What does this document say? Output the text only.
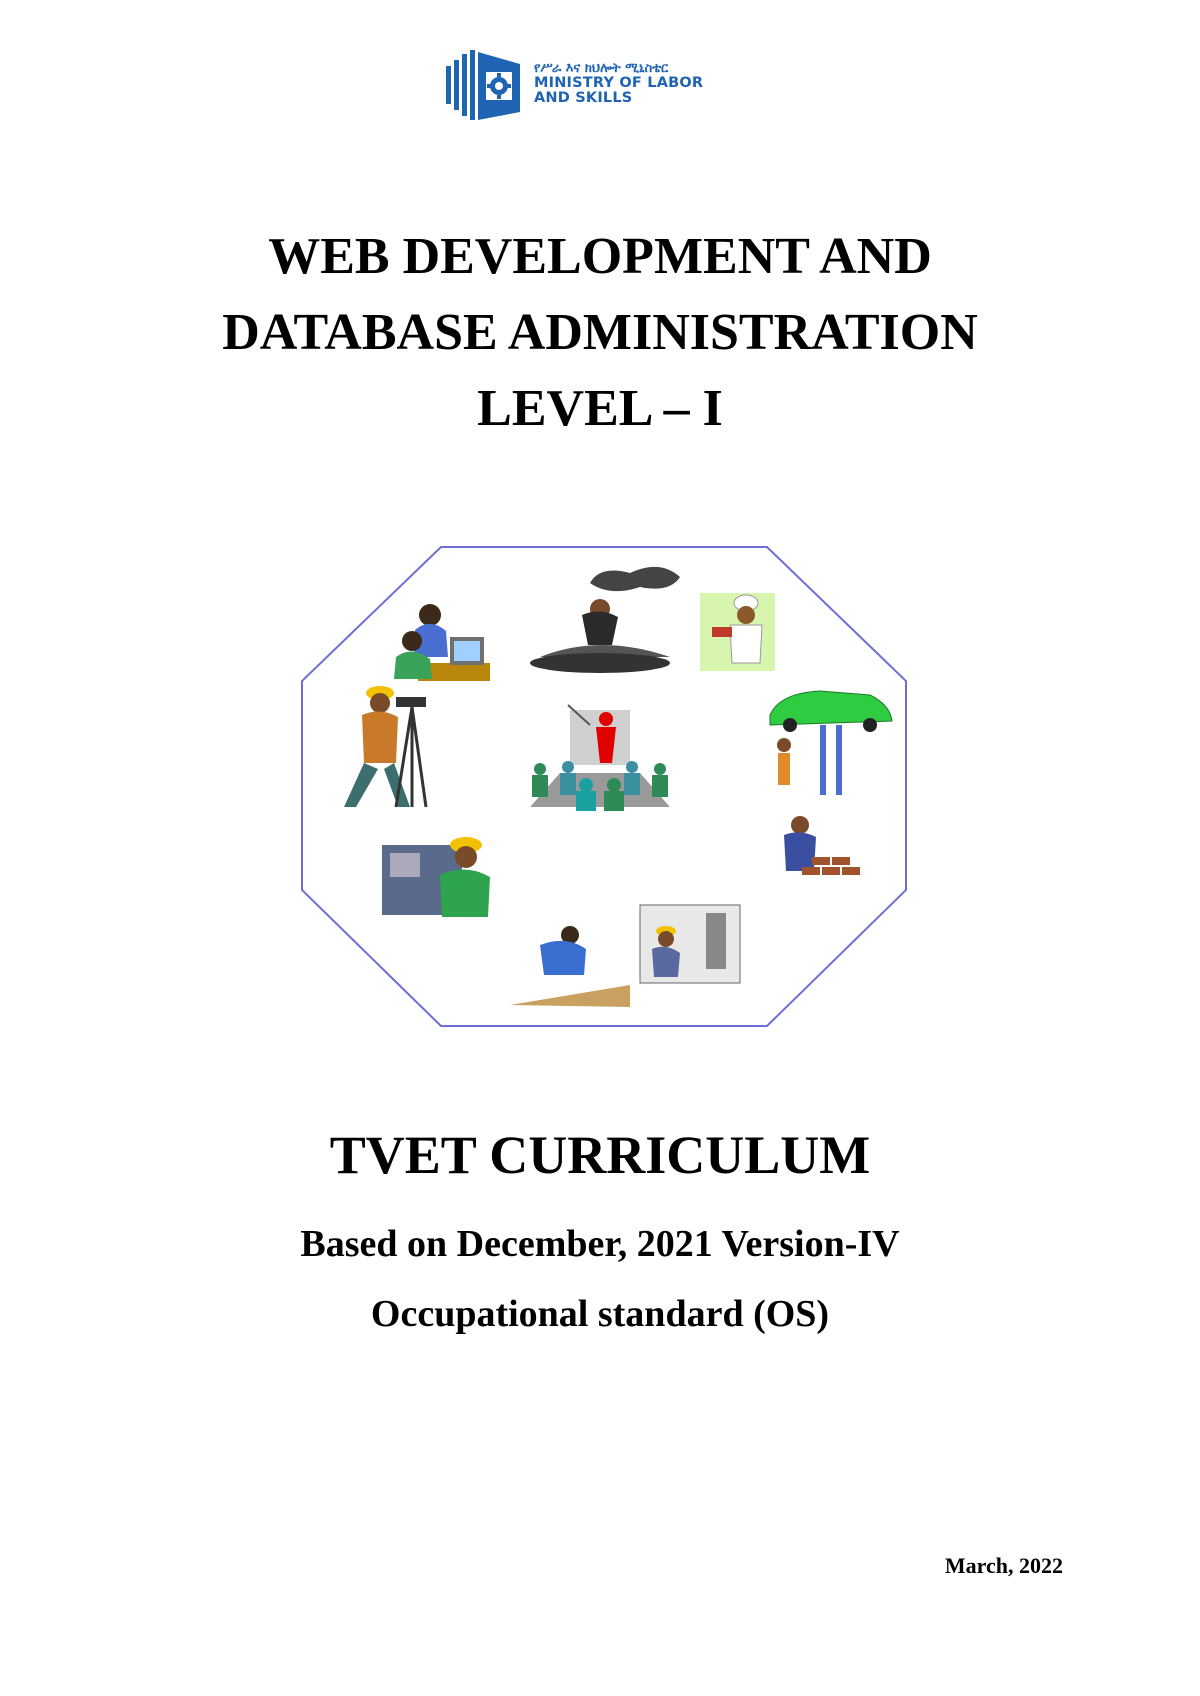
የሥራ እና ክህሎት ሚኒስቴር
MINISTRY OF LABOR
AND SKILLS
WEB DEVELOPMENT AND
DATABASE ADMINISTRATION
LEVEL – I
TVET CURRICULUM
Based on December, 2021 Version-IV
Occupational standard (OS)
March, 2022
